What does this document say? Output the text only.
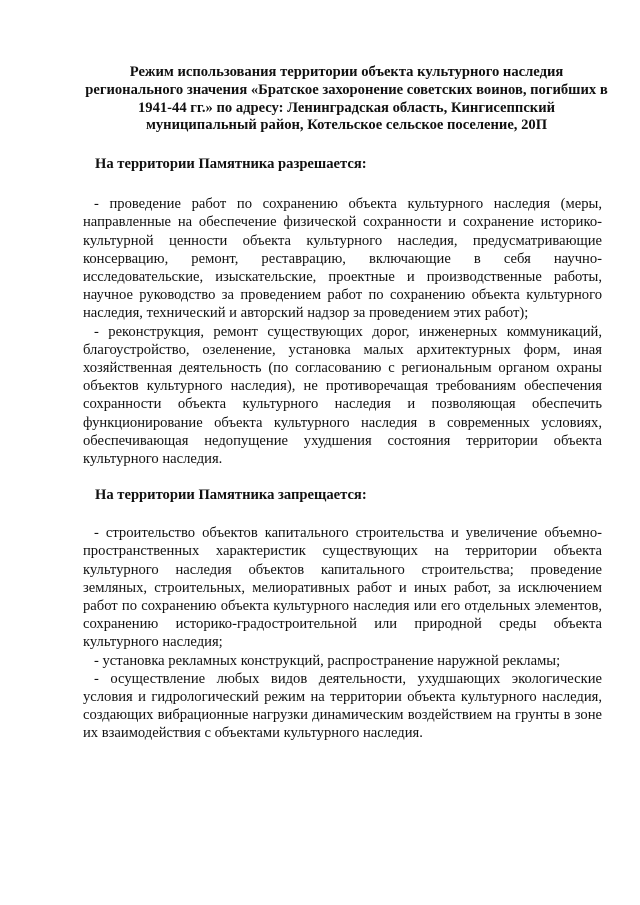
Режим использования территории объекта культурного наследия регионального значения «Братское захоронение советских воинов, погибших в 1941-44 гг.» по адресу: Ленинградская область, Кингисеппский муниципальный район, Котельское сельское поселение, 20П
На территории Памятника разрешается:

- проведение работ по сохранению объекта культурного наследия (меры, направленные на обеспечение физической сохранности и сохранение историко-культурной ценности объекта культурного наследия, предусматривающие консервацию, ремонт, реставрацию, включающие в себя научно-исследовательские, изыскательские, проектные и производственные работы, научное руководство за проведением работ по сохранению объекта культурного наследия, технический и авторский надзор за проведением этих работ);

- реконструкция, ремонт существующих дорог, инженерных коммуникаций, благоустройство, озеленение, установка малых архитектурных форм, иная хозяйственная деятельность (по согласованию с региональным органом охраны объектов культурного наследия), не противоречащая требованиям обеспечения сохранности объекта культурного наследия и позволяющая обеспечить функционирование объекта культурного наследия в современных условиях, обеспечивающая недопущение ухудшения состояния территории объекта культурного наследия.

На территории Памятника запрещается:

- строительство объектов капитального строительства и увеличение объемно-пространственных характеристик существующих на территории объекта культурного наследия объектов капитального строительства; проведение земляных, строительных, мелиоративных работ и иных работ, за исключением работ по сохранению объекта культурного наследия или его отдельных элементов, сохранению историко-градостроительной или природной среды объекта культурного наследия;

- установка рекламных конструкций, распространение наружной рекламы;

- осуществление любых видов деятельности, ухудшающих экологические условия и гидрологический режим на территории объекта культурного наследия, создающих вибрационные нагрузки динамическим воздействием на грунты в зоне их взаимодействия с объектами культурного наследия.
